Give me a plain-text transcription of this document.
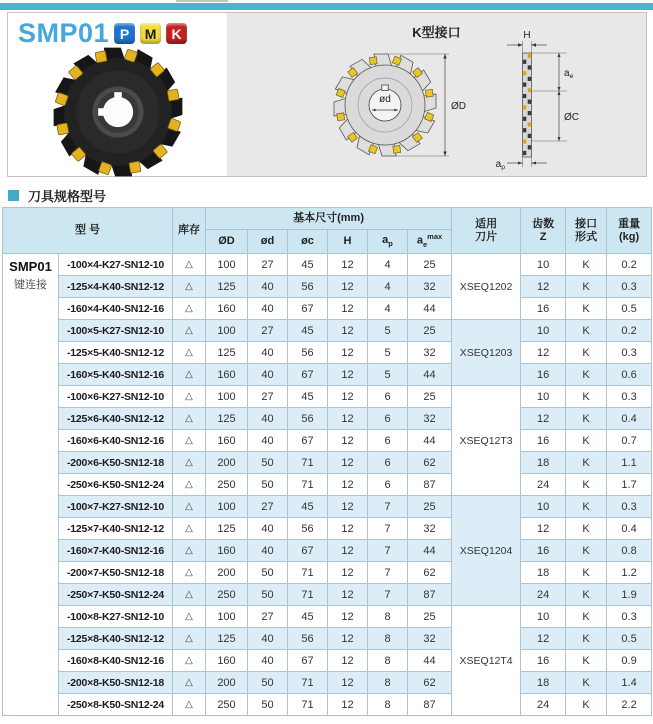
SMP01 P	M	K	K型接口
ød
ØD
H
$a_e$
ØC
$a_p$
刀具规格型号
型 号	库存	基本尺寸(mm)	适用
刀片

齿数
Z

接口
形式

重量
(kg)

			ØD	ød	øc	H	$a_p$	$a_e^{max}$

SMP01
键连接	-100×4-K27-SN12-10	△	100	27	45	12	4	25	XSEQ1202	10	K	0.2
	-125×4-K40-SN12-12	△	125	40	56	12	4	32		12	K	0.3
	-160×4-K40-SN12-16	△	160	40	67	12	4	44		16	K	0.5
	-100×5-K27-SN12-10	△	100	27	45	12	5	25	XSEQ1203	10	K	0.2
	-125×5-K40-SN12-12	△	125	40	56	12	5	32		12	K	0.3
	-160×5-K40-SN12-16	△	160	40	67	12	5	44		16	K	0.6
	-100×6-K27-SN12-10	△	100	27	45	12	6	25	XSEQ12T3	10	K	0.3
	-125×6-K40-SN12-12	△	125	40	56	12	6	32		12	K	0.4
	-160×6-K40-SN12-16	△	160	40	67	12	6	44		16	K	0.7
	-200×6-K50-SN12-18	△	200	50	71	12	6	62		18	K	1.1
	-250×6-K50-SN12-24	△	250	50	71	12	6	87		24	K	1.7
	-100×7-K27-SN12-10	△	100	27	45	12	7	25	XSEQ1204	10	K	0.3
	-125×7-K40-SN12-12	△	125	40	56	12	7	32		12	K	0.4
	-160×7-K40-SN12-16	△	160	40	67	12	7	44		16	K	0.8
	-200×7-K50-SN12-18	△	200	50	71	12	7	62		18	K	1.2
	-250×7-K50-SN12-24	△	250	50	71	12	7	87		24	K	1.9
	-100×8-K27-SN12-10	△	100	27	45	12	8	25	XSEQ12T4	10	K	0.3
	-125×8-K40-SN12-12	△	125	40	56	12	8	32		12	K	0.5
	-160×8-K40-SN12-16	△	160	40	67	12	8	44		16	K	0.9
	-200×8-K50-SN12-18	△	200	50	71	12	8	62		18	K	1.4
	-250×8-K50-SN12-24	△	250	50	71	12	8	87		24	K	2.2
